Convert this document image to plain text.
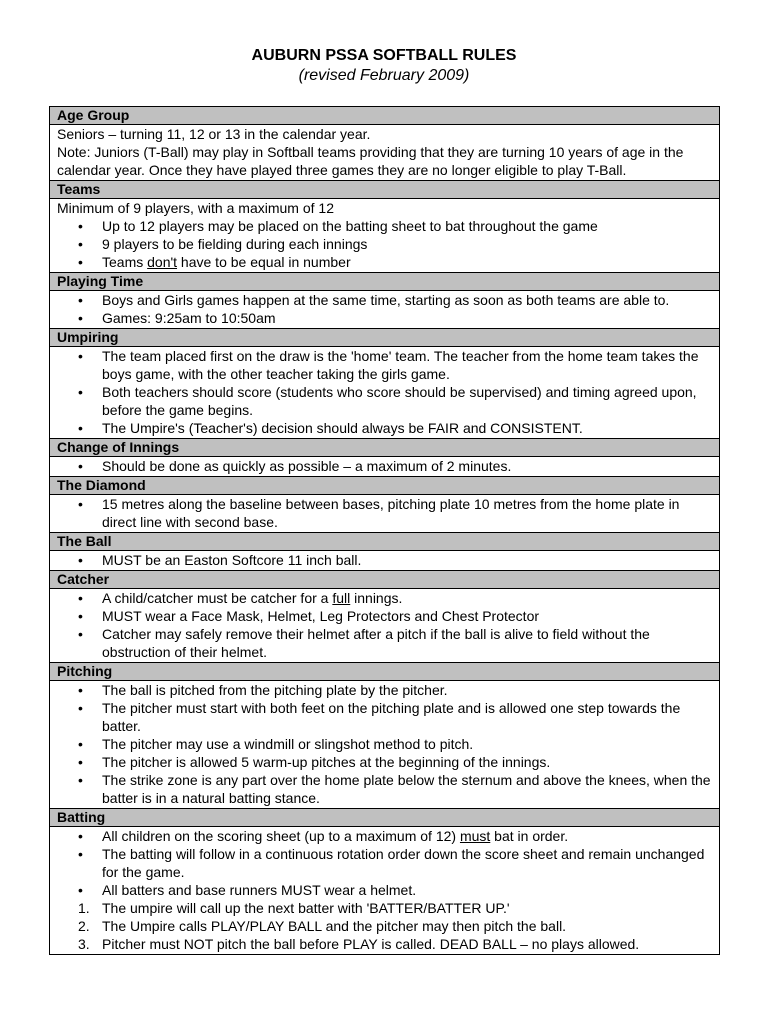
AUBURN PSSA SOFTBALL RULES
(revised February 2009)
Age Group
Seniors – turning 11, 12 or 13 in the calendar year.
Note: Juniors (T-Ball) may play in Softball teams providing that they are turning 10 years of age in the calendar year. Once they have played three games they are no longer eligible to play T-Ball.
Teams
Minimum of 9 players, with a maximum of 12
•
Up to 12 players may be placed on the batting sheet to bat throughout the game
•
9 players to be fielding during each innings
•
Teams don't have to be equal in number
Playing Time
•
Boys and Girls games happen at the same time, starting as soon as both teams are able to.
•
Games: 9:25am to 10:50am
Umpiring
•
The team placed first on the draw is the 'home' team. The teacher from the home team takes the boys game, with the other teacher taking the girls game.
•
Both teachers should score (students who score should be supervised) and timing agreed upon, before the game begins.
•
The Umpire's (Teacher's) decision should always be FAIR and CONSISTENT.
Change of Innings
•
Should be done as quickly as possible – a maximum of 2 minutes.
The Diamond
•
15 metres along the baseline between bases, pitching plate 10 metres from the home plate in direct line with second base.
The Ball
•
MUST be an Easton Softcore 11 inch ball.
Catcher
•
A child/catcher must be catcher for a full innings.
•
MUST wear a Face Mask, Helmet, Leg Protectors and Chest Protector
•
Catcher may safely remove their helmet after a pitch if the ball is alive to field without the obstruction of their helmet.
Pitching
•
The ball is pitched from the pitching plate by the pitcher.
•
The pitcher must start with both feet on the pitching plate and is allowed one step towards the batter.
•
The pitcher may use a windmill or slingshot method to pitch.
•
The pitcher is allowed 5 warm-up pitches at the beginning of the innings.
•
The strike zone is any part over the home plate below the sternum and above the knees, when the batter is in a natural batting stance.
Batting
•
All children on the scoring sheet (up to a maximum of 12) must bat in order.
•
The batting will follow in a continuous rotation order down the score sheet and remain unchanged for the game.
•
All batters and base runners MUST wear a helmet.
1. The umpire will call up the next batter with 'BATTER/BATTER UP.'
2. The Umpire calls PLAY/PLAY BALL and the pitcher may then pitch the ball.
3. Pitcher must NOT pitch the ball before PLAY is called. DEAD BALL – no plays allowed.
